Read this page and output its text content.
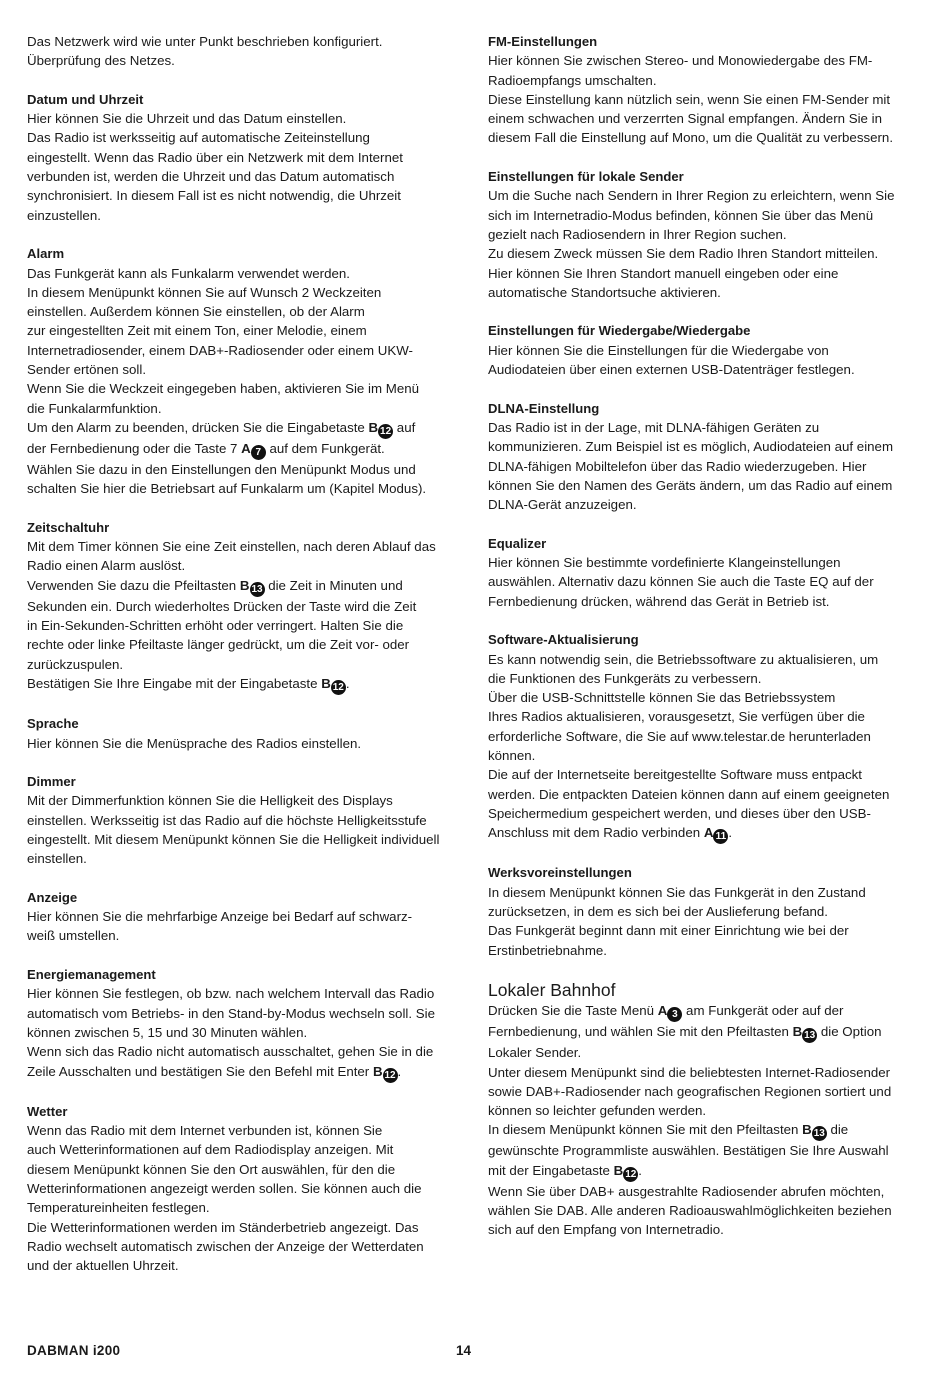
Das Netzwerk wird wie unter Punkt beschrieben konfiguriert.

Überprüfung des Netzes.

Datum und Uhrzeit

Hier können Sie die Uhrzeit und das Datum einstellen.

Das Radio ist werksseitig auf automatische Zeiteinstellung

eingestellt. Wenn das Radio über ein Netzwerk mit dem Internet

verbunden ist, werden die Uhrzeit und das Datum automatisch

synchronisiert. In diesem Fall ist es nicht notwendig, die Uhrzeit

einzustellen.

Alarm

Das Funkgerät kann als Funkalarm verwendet werden.

In diesem Menüpunkt können Sie auf Wunsch 2 Weckzeiten

einstellen. Außerdem können Sie einstellen, ob der Alarm

zur eingestellten Zeit mit einem Ton, einer Melodie, einem

Internetradiosender, einem DAB+-Radiosender oder einem UKW-

Sender ertönen soll.

Wenn Sie die Weckzeit eingegeben haben, aktivieren Sie im Menü

die Funkalarmfunktion.

Um den Alarm zu beenden, drücken Sie die Eingabetaste B 12 auf

der Fernbedienung oder die Taste 7 A 7 auf dem Funkgerät.

Wählen Sie dazu in den Einstellungen den Menüpunkt Modus und

schalten Sie hier die Betriebsart auf Funkalarm um (Kapitel Modus).

Zeitschaltuhr

Mit dem Timer können Sie eine Zeit einstellen, nach deren Ablauf das

Radio einen Alarm auslöst.

Verwenden Sie dazu die Pfeiltasten B 13 die Zeit in Minuten und

Sekunden ein. Durch wiederholtes Drücken der Taste wird die Zeit

in Ein-Sekunden-Schritten erhöht oder verringert. Halten Sie die

rechte oder linke Pfeiltaste länger gedrückt, um die Zeit vor- oder

zurückzuspulen.

Bestätigen Sie Ihre Eingabe mit der Eingabetaste B 12 .

Sprache

Hier können Sie die Menüsprache des Radios einstellen.

Dimmer

Mit der Dimmerfunktion können Sie die Helligkeit des Displays

einstellen. Werksseitig ist das Radio auf die höchste Helligkeitsstufe

eingestellt. Mit diesem Menüpunkt können Sie die Helligkeit individuell

einstellen.

Anzeige

Hier können Sie die mehrfarbige Anzeige bei Bedarf auf schwarz-

weiß umstellen.

Energiemanagement

Hier können Sie festlegen, ob bzw. nach welchem Intervall das Radio

automatisch vom Betriebs- in den Stand-by-Modus wechseln soll. Sie

können zwischen 5, 15 und 30 Minuten wählen.

Wenn sich das Radio nicht automatisch ausschaltet, gehen Sie in die

Zeile Ausschalten und bestätigen Sie den Befehl mit Enter B 12 .

Wetter

Wenn das Radio mit dem Internet verbunden ist, können Sie

auch Wetterinformationen auf dem Radiodisplay anzeigen. Mit

diesem Menüpunkt können Sie den Ort auswählen, für den die

Wetterinformationen angezeigt werden sollen. Sie können auch die

Temperatureinheiten festlegen.

Die Wetterinformationen werden im Ständerbetrieb angezeigt. Das

Radio wechselt automatisch zwischen der Anzeige der Wetterdaten

und der aktuellen Uhrzeit.

FM-Einstellungen

Hier können Sie zwischen Stereo- und Monowiedergabe des FM-

Radioempfangs umschalten.

Diese Einstellung kann nützlich sein, wenn Sie einen FM-Sender mit

einem schwachen und verzerrten Signal empfangen. Ändern Sie in

diesem Fall die Einstellung auf Mono, um die Qualität zu verbessern.

Einstellungen für lokale Sender

Um die Suche nach Sendern in Ihrer Region zu erleichtern, wenn Sie

sich im Internetradio-Modus befinden, können Sie über das Menü

gezielt nach Radiosendern in Ihrer Region suchen.

Zu diesem Zweck müssen Sie dem Radio Ihren Standort mitteilen.

Hier können Sie Ihren Standort manuell eingeben oder eine

automatische Standortsuche aktivieren.

Einstellungen für Wiedergabe/Wiedergabe

Hier können Sie die Einstellungen für die Wiedergabe von

Audiodateien über einen externen USB-Datenträger festlegen.

DLNA-Einstellung

Das Radio ist in der Lage, mit DLNA-fähigen Geräten zu

kommunizieren. Zum Beispiel ist es möglich, Audiodateien auf einem

DLNA-fähigen Mobiltelefon über das Radio wiederzugeben. Hier

können Sie den Namen des Geräts ändern, um das Radio auf einem

DLNA-Gerät anzuzeigen.

Equalizer

Hier können Sie bestimmte vordefinierte Klangeinstellungen

auswählen. Alternativ dazu können Sie auch die Taste EQ auf der

Fernbedienung drücken, während das Gerät in Betrieb ist.

Software-Aktualisierung

Es kann notwendig sein, die Betriebssoftware zu aktualisieren, um

die Funktionen des Funkgeräts zu verbessern.

Über die USB-Schnittstelle können Sie das Betriebssystem

Ihres Radios aktualisieren, vorausgesetzt, Sie verfügen über die

erforderliche Software, die Sie auf www.telestar.de herunterladen

können.

Die auf der Internetseite bereitgestellte Software muss entpackt

werden. Die entpackten Dateien können dann auf einem geeigneten

Speichermedium gespeichert werden, und dieses über den USB-

Anschluss mit dem Radio verbinden A 11 .

Werksvoreinstellungen

In diesem Menüpunkt können Sie das Funkgerät in den Zustand

zurücksetzen, in dem es sich bei der Auslieferung befand.

Das Funkgerät beginnt dann mit einer Einrichtung wie bei der

Erstinbetriebnahme.

Lokaler Bahnhof

Drücken Sie die Taste Menü A 3 am Funkgerät oder auf der

Fernbedienung, und wählen Sie mit den Pfeiltasten B 13 die Option

Lokaler Sender.

Unter diesem Menüpunkt sind die beliebtesten Internet-Radiosender

sowie DAB+-Radiosender nach geografischen Regionen sortiert und

können so leichter gefunden werden.

In diesem Menüpunkt können Sie mit den Pfeiltasten B 13 die

gewünschte Programmliste auswählen. Bestätigen Sie Ihre Auswahl

mit der Eingabetaste B 12 .

Wenn Sie über DAB+ ausgestrahlte Radiosender abrufen möchten,

wählen Sie DAB. Alle anderen Radioauswahlmöglichkeiten beziehen

sich auf den Empfang von Internetradio.

DABMAN i200	14
